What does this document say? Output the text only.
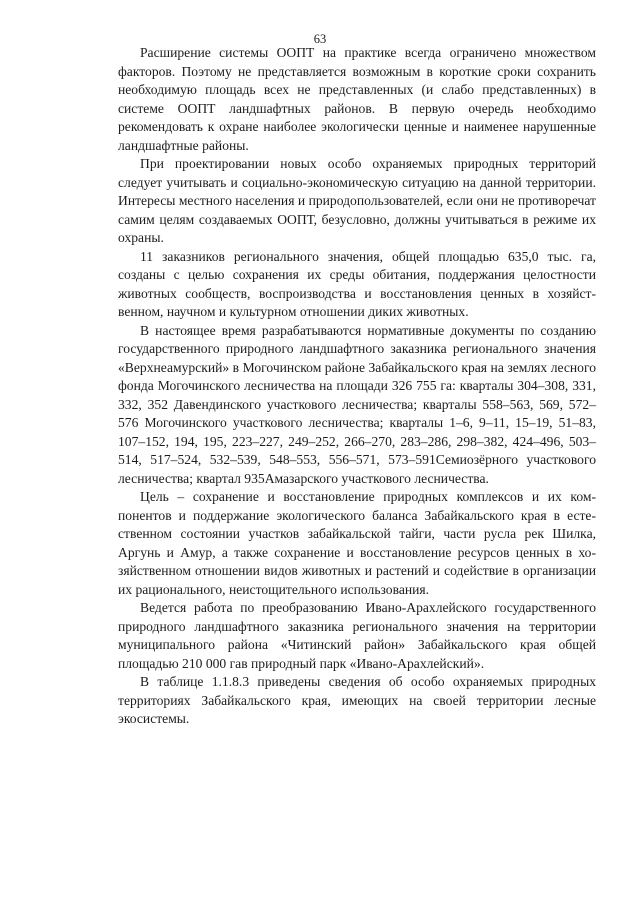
63

Расширение системы ООПТ на практике всегда ограничено множеством факторов. Поэтому не представляется возможным в короткие сроки сохранить необходимую площадь всех не представленных (и слабо представленных) в системе ООПТ ландшафтных районов. В первую очередь необходимо рекомендовать к охране наиболее экологически ценные и наименее нарушенные ландшафтные районы.

При проектировании новых особо охраняемых природных территорий следует учитывать и социально-экономическую ситуацию на данной территории. Интересы местного населения и природопользователей, если они не противоречат самим целям создаваемых ООПТ, безусловно, должны учитываться в режиме их охраны.

11 заказников регионального значения, общей площадью 635,0 тыс. га, созданы с целью сохранения их среды обитания, поддержания целостности животных сообществ, воспроизводства и восстановления ценных в хозяйственном, научном и культурном отношении диких животных.

В настоящее время разрабатываются нормативные документы по созданию государственного природного ландшафтного заказника регионального значения «Верхнеамурский» в Могочинском районе Забайкальского края на землях лесного фонда Могочинского лесничества на площади 326 755 га: кварталы 304–308, 331, 332, 352 Давендинского участкового лесничества; кварталы 558–563, 569, 572–576 Могочинского участкового лесничества; кварталы 1–6, 9–11, 15–19, 51–83, 107–152, 194, 195, 223–227, 249–252, 266–270, 283–286, 298–382, 424–496, 503–514, 517–524, 532–539, 548–553, 556–571, 573–591Семиозёрного участкового лесничества; квартал 935Амазарского участкового лесничества.

Цель – сохранение и восстановление природных комплексов и их компонентов и поддержание экологического баланса Забайкальского края в естественном состоянии участков забайкальской тайги, части русла рек Шилка, Аргунь и Амур, а также сохранение и восстановление ресурсов ценных в хозяйственном отношении видов животных и растений и содействие в организации их рационального, неистощительного использования.

Ведется работа по преобразованию Ивано-Арахлейского государственного природного ландшафтного заказника регионального значения на территории муниципального района «Читинский район» Забайкальского края общей площадью 210 000 гав природный парк «Ивано-Арахлейский».

В таблице 1.1.8.3 приведены сведения об особо охраняемых природных территориях Забайкальского края, имеющих на своей территории лесные экосистемы.
